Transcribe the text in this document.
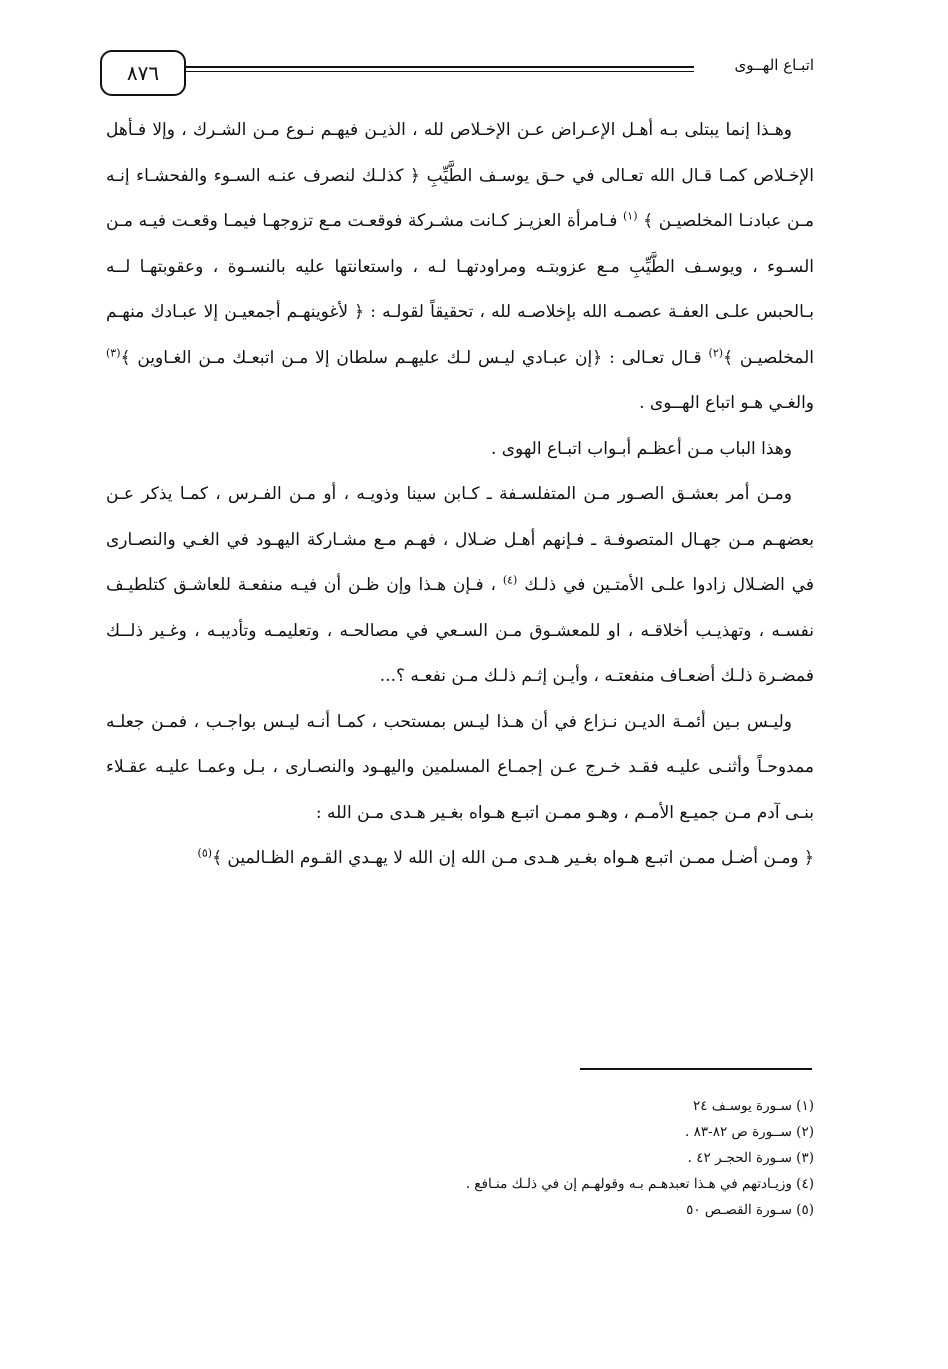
اتبـاع الهــوى
٨٧٦

وهـذا إنما يبتلى بـه أهـل الإعـراض عـن الإخـلاص لله ، الذيـن فيهـم نـوع مـن الشـرك ، وإلا فـأهل الإخـلاص كمـا قـال الله تعـالى في حـق يوسـف الطَّيِّبِ ﴿ كذلـك لنصرف عنـه السـوء والفحشـاء إنـه مـن عبادنـا المخلصيـن ﴾ $^{(١)}$ فـامرأة العزيـز كـانت مشـركة فوقعـت مـع تزوجهـا فيمـا وقعـت فيـه مـن السـوء ، ويوسـف الطَّيِّبِ مـع عزوبتـه ومراودتهـا لـه ، واستعانتها عليه بالنسـوة ، وعقوبتهـا لــه بـالحبس علـى العفـة عصمـه الله بإخلاصـه لله ، تحقيقاً لقولـه : ﴿ لأغوينهـم أجمعيـن إلا عبـادك منهـم المخلصيـن ﴾$^{(٢)}$ قـال تعـالى : ﴿إن عبـادي ليـس لـك عليهـم سلطان إلا مـن اتبعـك مـن الغـاوين ﴾$^{(٣)}$ والغـي هـو اتباع الهــوى .

وهذا الباب مـن أعظـم أبـواب اتبـاع الهوى .

ومـن أمر بعشـق الصـور مـن المتفلسـفة ـ كـابن سينا وذويـه ، أو مـن الفـرس ، كمـا يذكر عـن بعضهـم مـن جهـال المتصوفـة ـ فـإنهم أهـل ضـلال ، فهـم مـع مشـاركة اليهـود في الغـي والنصـارى في الضـلال زادوا علـى الأمتـين في ذلـك $^{(٤)}$ ، فـإن هـذا وإن ظـن أن فيـه منفعـة للعاشـق كتلطيـف نفسـه ، وتهذيـب أخلاقـه ، او للمعشـوق مـن السـعي في مصالحـه ، وتعليمـه وتأديبـه ، وغـير ذلــك فمضـرة ذلـك أضعـاف منفعتـه ، وأيـن إثـم ذلـك مـن نفعـه ؟...

وليـس بـين أئمـة الديـن نـزاع في أن هـذا ليـس بمستحب ، كمـا أنـه ليـس بواجـب ، فمـن جعلـه ممدوحـاً وأثنـى عليـه فقـد خـرج عـن إجمـاع المسلمين واليهـود والنصـارى ، بـل وعمـا عليـه عقـلاء بنـى آدم مـن جميـع الأمـم ، وهـو ممـن اتبـع هـواه بغـير هـدى مـن الله :

﴿ ومـن أضـل ممـن اتبـع هـواه بغـير هـدى مـن الله إن الله لا يهـدي القـوم الظـالمين ﴾$^{(٥)}$

(١) سـورة يوسـف ٢٤
(٢) ســورة ص ٨٢-٨٣ .
(٣) سـورة الحجـر ٤٢ .
(٤) وزيـادتهم في هـذا تعبدهـم بـه وقولهـم إن في ذلـك منـافع .
(٥) سـورة القصـص ٥٠
